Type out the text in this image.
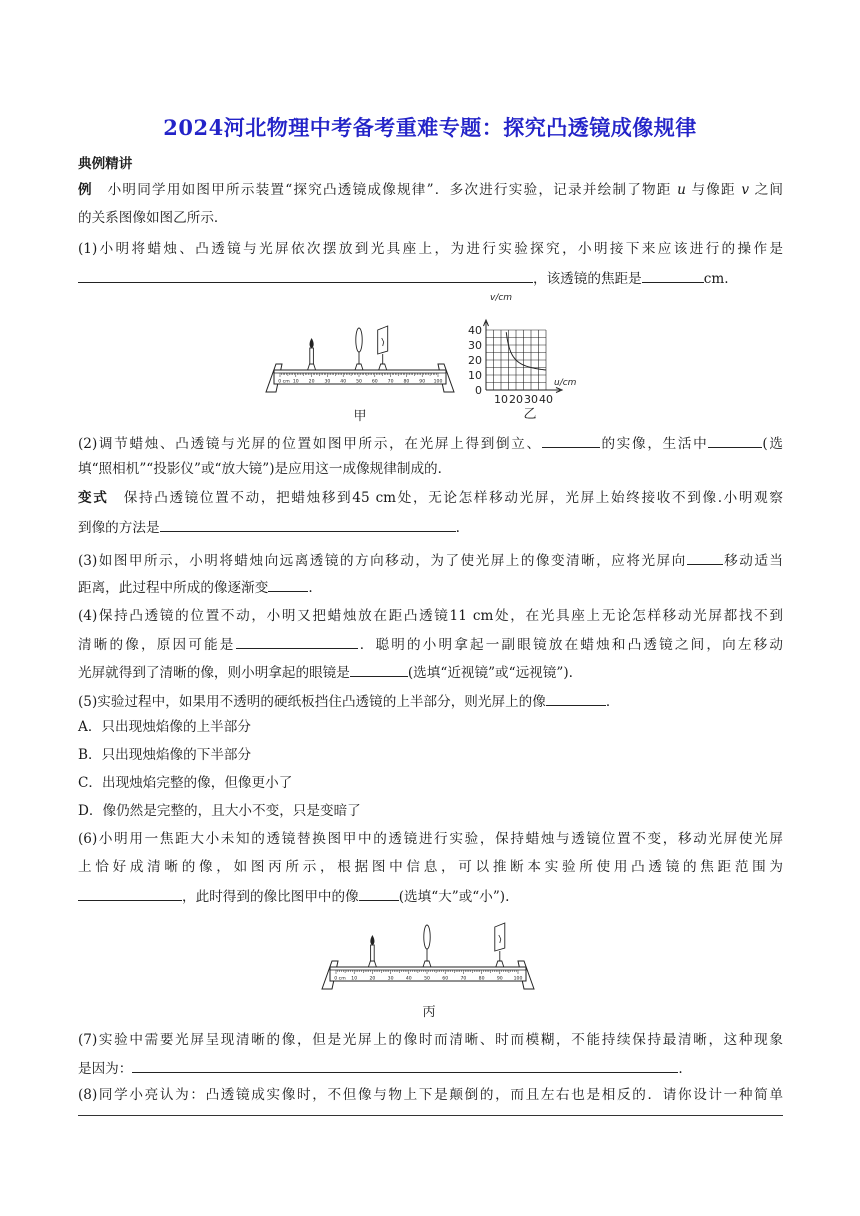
2024河北物理中考备考重难专题：探究凸透镜成像规律
典例精讲
例　小明同学用如图甲所示装置“探究凸透镜成像规律”．多次进行实验，记录并绘制了物距 u 与像距 v 之间
的关系图像如图乙所示．
(1)小明将蜡烛、凸透镜与光屏依次摆放到光具座上，为进行实验探究，小明接下来应该进行的操作是
，该透镜的焦距是	cm.
0 cm 10 20 30 40 50 60 70 80 90 100
甲
v/cm
u/cm
40
30
20
10
0
10 20 30 40
乙
(2)调节蜡烛、凸透镜与光屏的位置如图甲所示，在光屏上得到倒立、	的实像，生活中	(选
填“照相机”“投影仪”或“放大镜”)是应用这一成像规律制成的．
变式　保持凸透镜位置不动，把蜡烛移到45 cm处，无论怎样移动光屏，光屏上始终接收不到像.小明观察
到像的方法是	.
(3)如图甲所示，小明将蜡烛向远离透镜的方向移动，为了使光屏上的像变清晰，应将光屏向	移动适当
距离，此过程中所成的像逐渐变	.
(4)保持凸透镜的位置不动，小明又把蜡烛放在距凸透镜11 cm处，在光具座上无论怎样移动光屏都找不到
清晰的像，原因可能是	．聪明的小明拿起一副眼镜放在蜡烛和凸透镜之间，向左移动
光屏就得到了清晰的像，则小明拿起的眼镜是	(选填“近视镜”或“远视镜”).
(5)实验过程中，如果用不透明的硬纸板挡住凸透镜的上半部分，则光屏上的像	．
A．只出现烛焰像的上半部分
B．只出现烛焰像的下半部分
C．出现烛焰完整的像，但像更小了
D．像仍然是完整的，且大小不变，只是变暗了
(6)小明用一焦距大小未知的透镜替换图甲中的透镜进行实验，保持蜡烛与透镜位置不变，移动光屏使光屏
上恰好成清晰的像，如图丙所示，根据图中信息，可以推断本实验所使用凸透镜的焦距范围为
，此时得到的像比图甲中的像	(选填“大”或“小”).
0 cm 10	20	30	40	50	60	70	80	90 100
丙
(7)实验中需要光屏呈现清晰的像，但是光屏上的像时而清晰、时而模糊，不能持续保持最清晰，这种现象
是因为：	.
(8)同学小亮认为：凸透镜成实像时，不但像与物上下是颠倒的，而且左右也是相反的．请你设计一种简单
